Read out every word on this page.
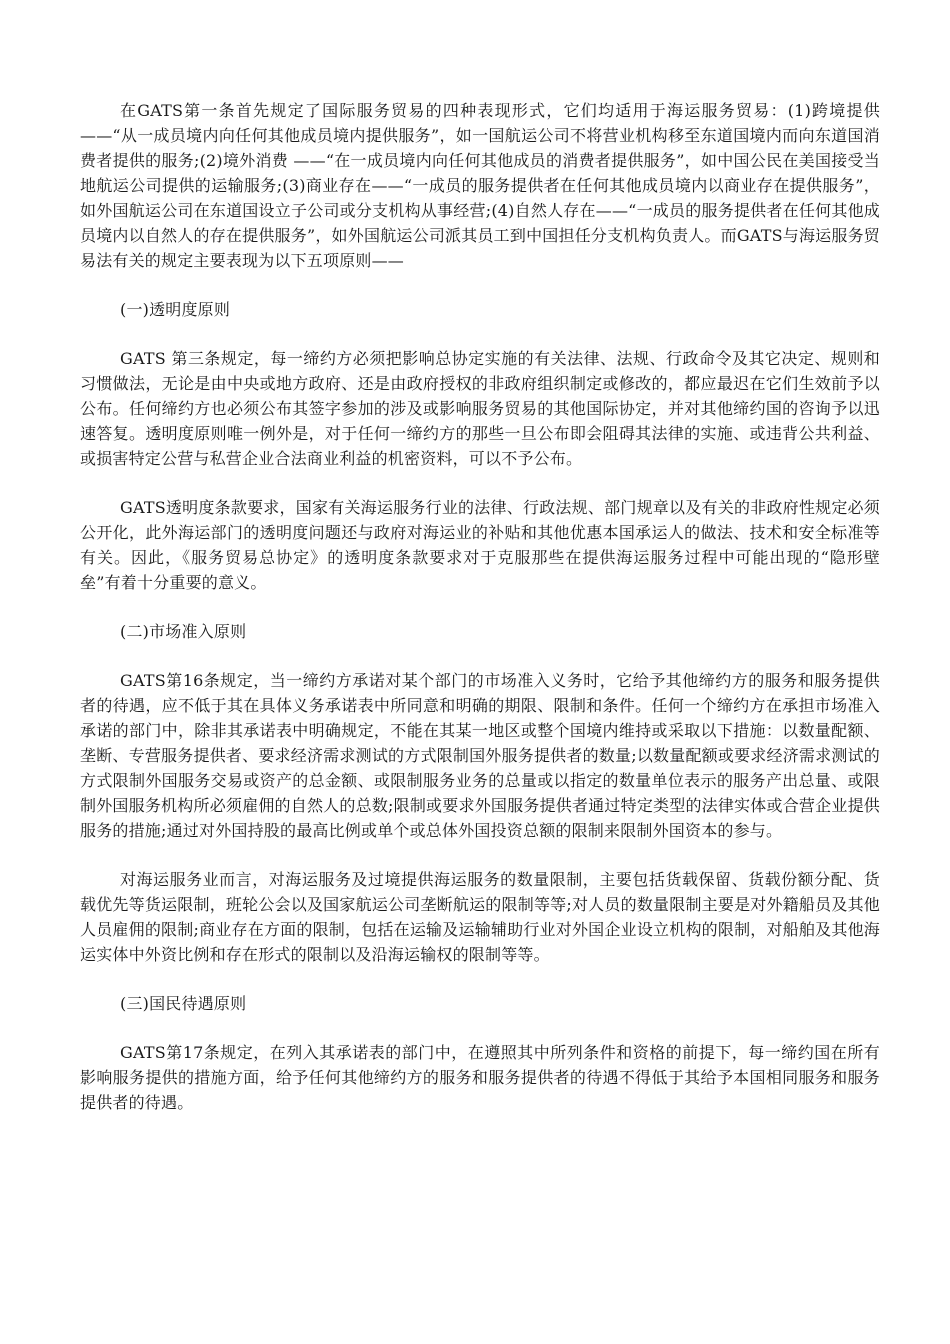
在GATS第一条首先规定了国际服务贸易的四种表现形式，它们均适用于海运服务贸易：(1)跨境提供——“从一成员境内向任何其他成员境内提供服务”，如一国航运公司不将营业机构移至东道国境内而向东道国消费者提供的服务;(2)境外消费 ——“在一成员境内向任何其他成员的消费者提供服务”，如中国公民在美国接受当地航运公司提供的运输服务;(3)商业存在——“一成员的服务提供者在任何其他成员境内以商业存在提供服务”，如外国航运公司在东道国设立子公司或分支机构从事经营;(4)自然人存在——“一成员的服务提供者在任何其他成员境内以自然人的存在提供服务”，如外国航运公司派其员工到中国担任分支机构负责人。而GATS与海运服务贸易法有关的规定主要表现为以下五项原则——

(一)透明度原则

GATS 第三条规定，每一缔约方必须把影响总协定实施的有关法律、法规、行政命令及其它决定、规则和习惯做法，无论是由中央或地方政府、还是由政府授权的非政府组织制定或修改的，都应最迟在它们生效前予以公布。任何缔约方也必须公布其签字参加的涉及或影响服务贸易的其他国际协定，并对其他缔约国的咨询予以迅速答复。透明度原则唯一例外是，对于任何一缔约方的那些一旦公布即会阻碍其法律的实施、或违背公共利益、或损害特定公营与私营企业合法商业利益的机密资料，可以不予公布。

GATS透明度条款要求，国家有关海运服务行业的法律、行政法规、部门规章以及有关的非政府性规定必须公开化，此外海运部门的透明度问题还与政府对海运业的补贴和其他优惠本国承运人的做法、技术和安全标准等有关。因此，《服务贸易总协定》的透明度条款要求对于克服那些在提供海运服务过程中可能出现的“隐形壁垒”有着十分重要的意义。

(二)市场准入原则

GATS第16条规定，当一缔约方承诺对某个部门的市场准入义务时，它给予其他缔约方的服务和服务提供者的待遇，应不低于其在具体义务承诺表中所同意和明确的期限、限制和条件。任何一个缔约方在承担市场准入承诺的部门中，除非其承诺表中明确规定，不能在其某一地区或整个国境内维持或采取以下措施：以数量配额、垄断、专营服务提供者、要求经济需求测试的方式限制国外服务提供者的数量;以数量配额或要求经济需求测试的方式限制外国服务交易或资产的总金额、或限制服务业务的总量或以指定的数量单位表示的服务产出总量、或限制外国服务机构所必须雇佣的自然人的总数;限制或要求外国服务提供者通过特定类型的法律实体或合营企业提供服务的措施;通过对外国持股的最高比例或单个或总体外国投资总额的限制来限制外国资本的参与。

对海运服务业而言，对海运服务及过境提供海运服务的数量限制，主要包括货载保留、货载份额分配、货载优先等货运限制，班轮公会以及国家航运公司垄断航运的限制等等;对人员的数量限制主要是对外籍船员及其他人员雇佣的限制;商业存在方面的限制，包括在运输及运输辅助行业对外国企业设立机构的限制，对船舶及其他海运实体中外资比例和存在形式的限制以及沿海运输权的限制等等。

(三)国民待遇原则

GATS第17条规定，在列入其承诺表的部门中，在遵照其中所列条件和资格的前提下，每一缔约国在所有影响服务提供的措施方面，给予任何其他缔约方的服务和服务提供者的待遇不得低于其给予本国相同服务和服务提供者的待遇。
